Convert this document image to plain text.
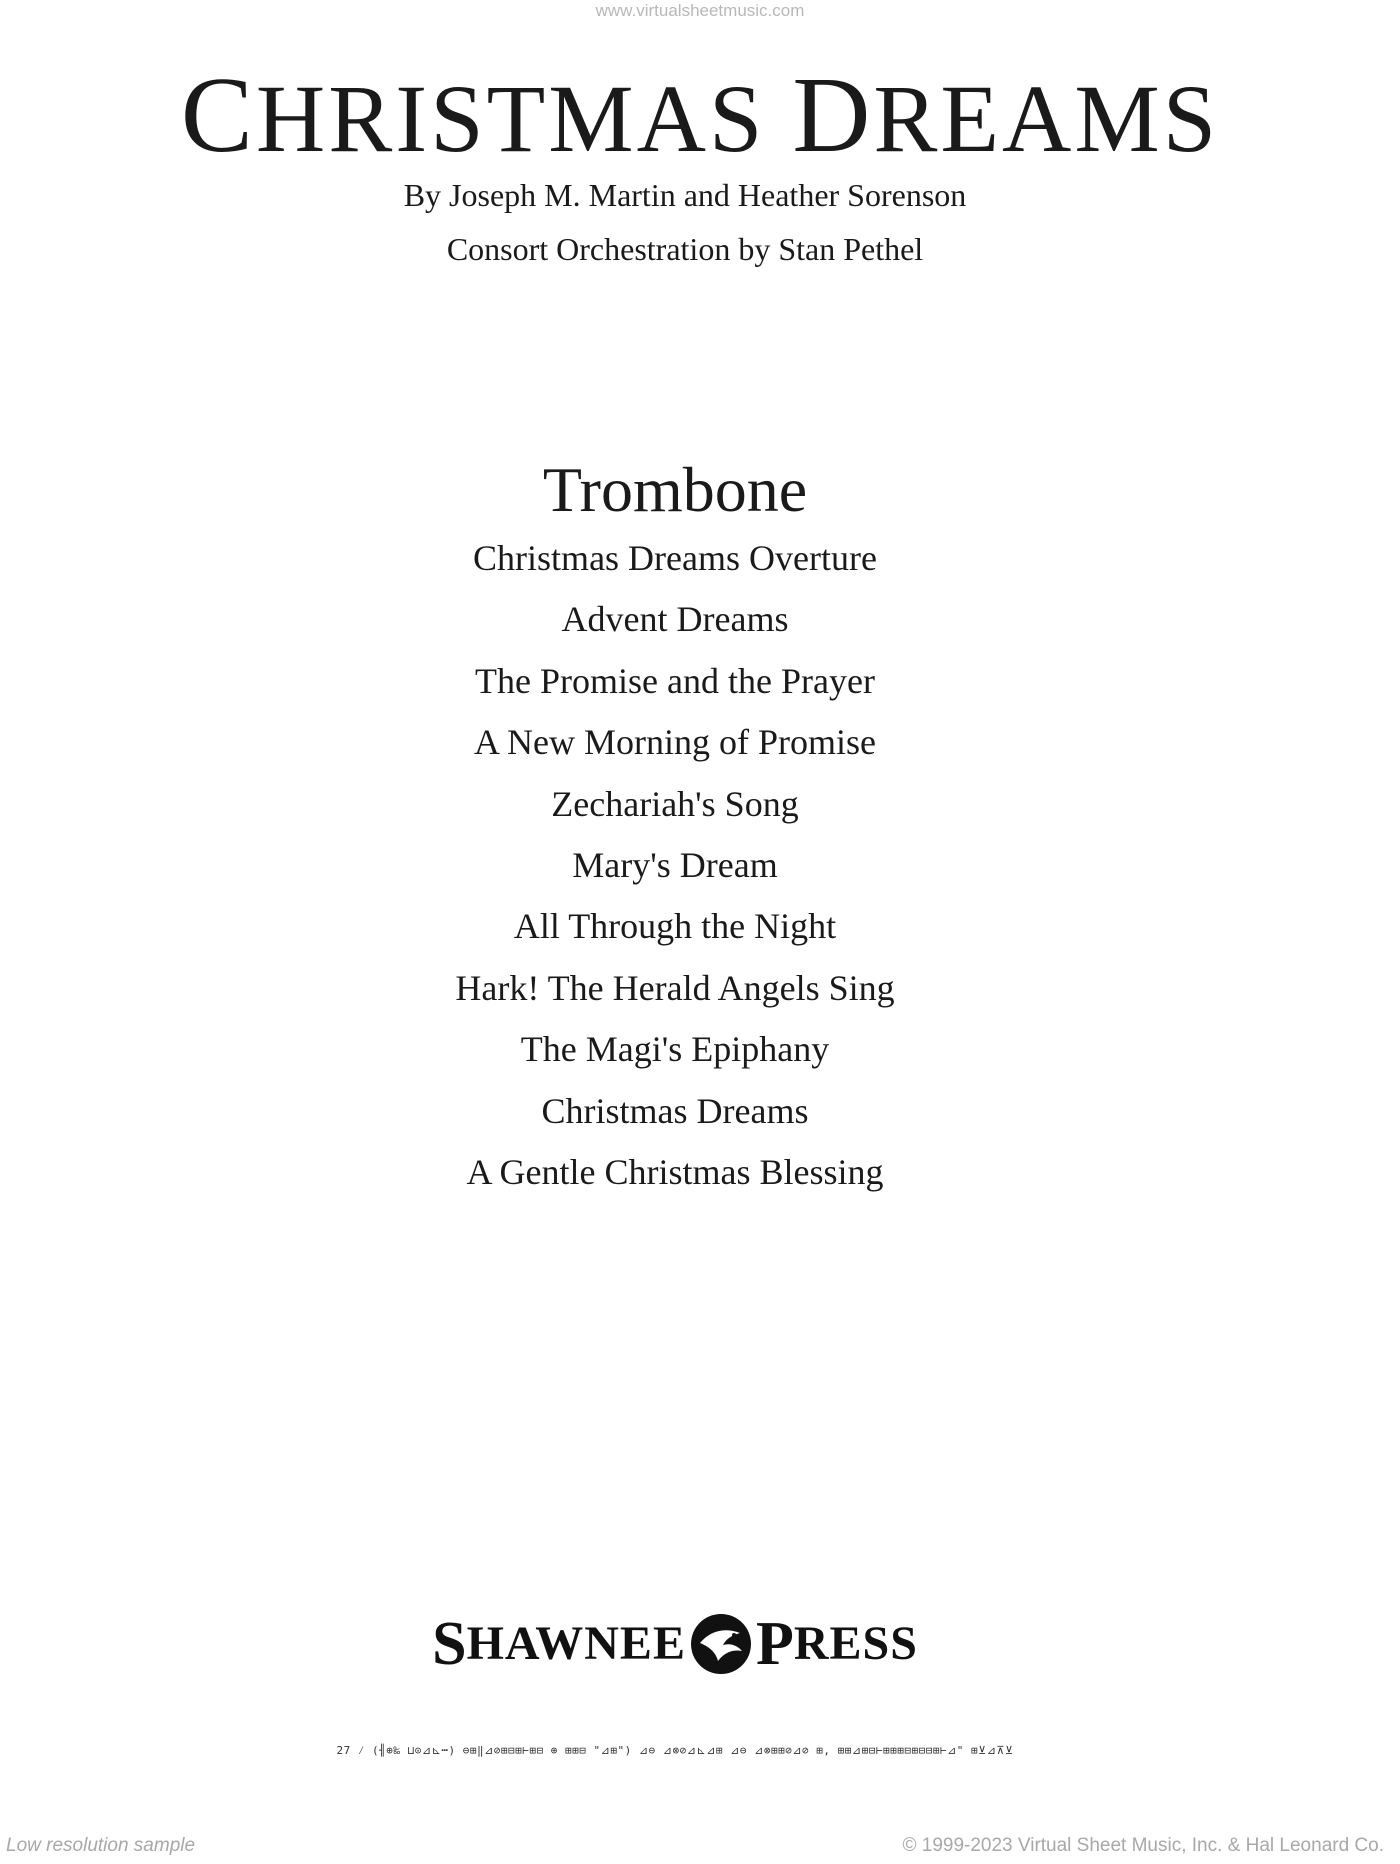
www.virtualsheetmusic.com
CHRISTMAS DREAMS
By Joseph M. Martin and Heather Sorenson
Consort Orchestration by Stan Pethel
Trombone
Christmas Dreams Overture
Advent Dreams
The Promise and the Prayer
A New Morning of Promise
Zechariah's Song
Mary's Dream
All Through the Night
Hark! The Herald Angels Sing
The Magi's Epiphany
Christmas Dreams
A Gentle Christmas Blessing
S HAWNEE P RESS
27 ⁄ (╢⊕‰ ⊔⊙⊿⊾┅) ⊖⊞‖⊿⊘⊞⊟⊞⊢⊞⊟ ⊕ ⊞⊞⊟ "⊿⊞") ⊿⊖ ⊿⊗⊘⊿⊾⊿⊞ ⊿⊖ ⊿⊗⊞⊞⊘⊿⊘ ⊞, ⊞⊞⊿⊞⊟⊢⊞⊞⊞⊟⊞⊟⊟⊞⊢⊿" ⊞⊻⊿⊼⊻
Low resolution sample	© 1999-2023 Virtual Sheet Music, Inc. & Hal Leonard Co.
